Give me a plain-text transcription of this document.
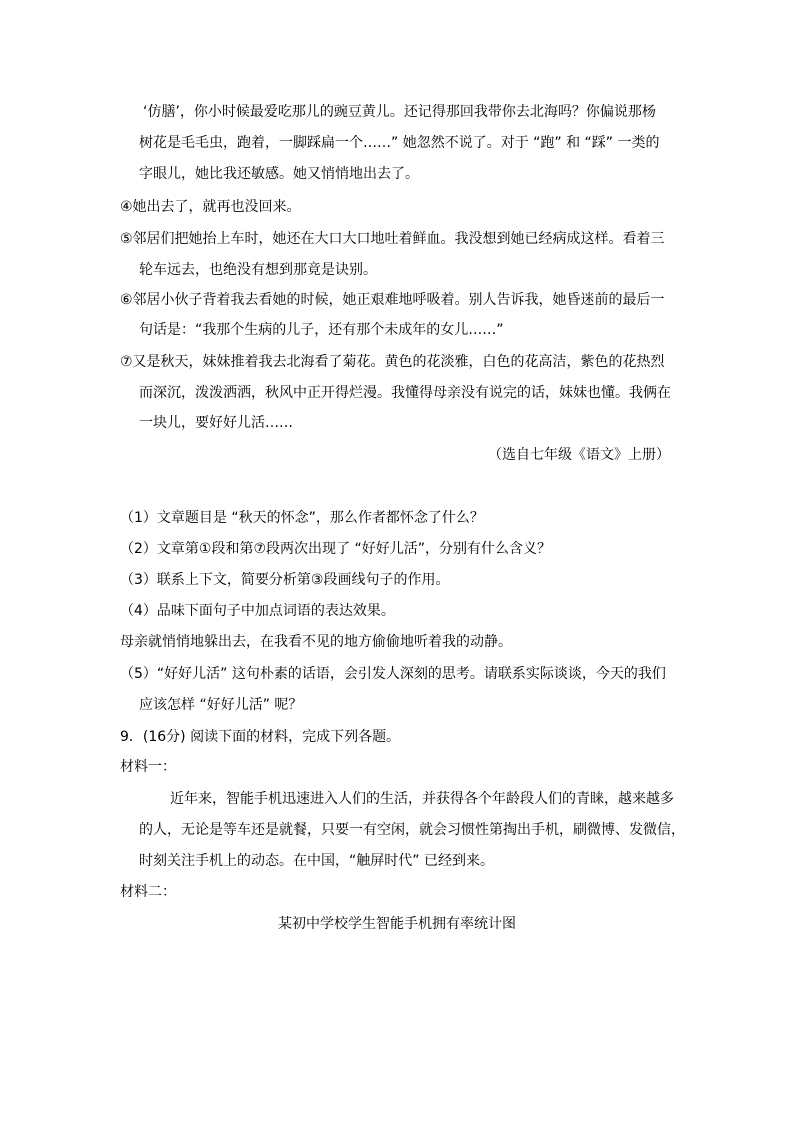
‘仿膳’，你小时候最爱吃那儿的豌豆黄儿。还记得那回我带你去北海吗？你偏说那杨
树花是毛毛虫，跑着，一脚踩扁一个……” 她忽然不说了。对于 “跑” 和 “踩” 一类的
字眼儿，她比我还敏感。她又悄悄地出去了。
④她出去了，就再也没回来。
⑤邻居们把她抬上车时，她还在大口大口地吐着鲜血。我没想到她已经病成这样。看着三
轮车远去，也绝没有想到那竟是诀别。
⑥邻居小伙子背着我去看她的时候，她正艰难地呼吸着。别人告诉我，她昏迷前的最后一
句话是：“我那个生病的儿子，还有那个未成年的女儿……”
⑦又是秋天，妹妹推着我去北海看了菊花。黄色的花淡雅，白色的花高洁，紫色的花热烈
而深沉，泼泼洒洒，秋风中正开得烂漫。我懂得母亲没有说完的话，妹妹也懂。我俩在
一块儿，要好好儿活……
（选自七年级《语文》上册）
（1）文章题目是 “秋天的怀念”，那么作者都怀念了什么？
（2）文章第①段和第⑦段两次出现了 “好好儿活”，分别有什么含义？
（3）联系上下文，简要分析第③段画线句子的作用。
（4）品味下面句子中加点词语的表达效果。
母亲就悄悄地躲出去，在我看不见的地方偷偷地听着我的动静。
（5）“好好儿活” 这句朴素的话语，会引发人深刻的思考。请联系实际谈谈，今天的我们
应该怎样 “好好儿活” 呢？
9．(16分) 阅读下面的材料，完成下列各题。
材料一：
近年来，智能手机迅速进入人们的生活，并获得各个年龄段人们的青睐，越来越多
的人，无论是等车还是就餐，只要一有空闲，就会习惯性第掏出手机，刷微博、发微信，
时刻关注手机上的动态。在中国，“触屏时代” 已经到来。
材料二：
某初中学校学生智能手机拥有率统计图
